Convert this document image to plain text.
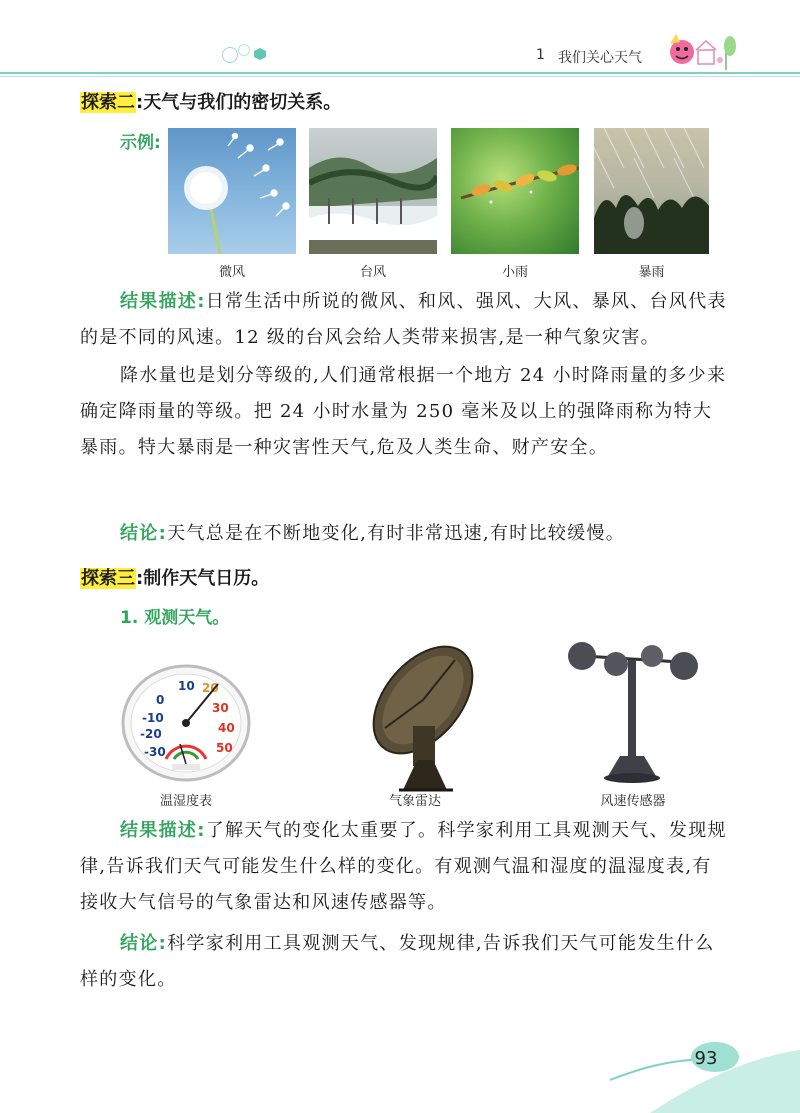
1 我们关心天气
探索二:天气与我们的密切关系。
示例:
微风	台风	小雨	暴雨
结果描述:日常生活中所说的微风、和风、强风、大风、暴风、台风代表的是不同的风速。12 级的台风会给人类带来损害,是一种气象灾害。
降水量也是划分等级的,人们通常根据一个地方 24 小时降雨量的多少来确定降雨量的等级。把 24 小时水量为 250 毫米及以上的强降雨称为特大暴雨。特大暴雨是一种灾害性天气,危及人类生命、财产安全。
结论:天气总是在不断地变化,有时非常迅速,有时比较缓慢。
探索三:制作天气日历。
1. 观测天气。
10 20 0 -10 -20 -30 30 40 50
温湿度表	气象雷达	风速传感器
结果描述:了解天气的变化太重要了。科学家利用工具观测天气、发现规律,告诉我们天气可能发生什么样的变化。有观测气温和湿度的温湿度表,有接收大气信号的气象雷达和风速传感器等。
结论:科学家利用工具观测天气、发现规律,告诉我们天气可能发生什么样的变化。
93
